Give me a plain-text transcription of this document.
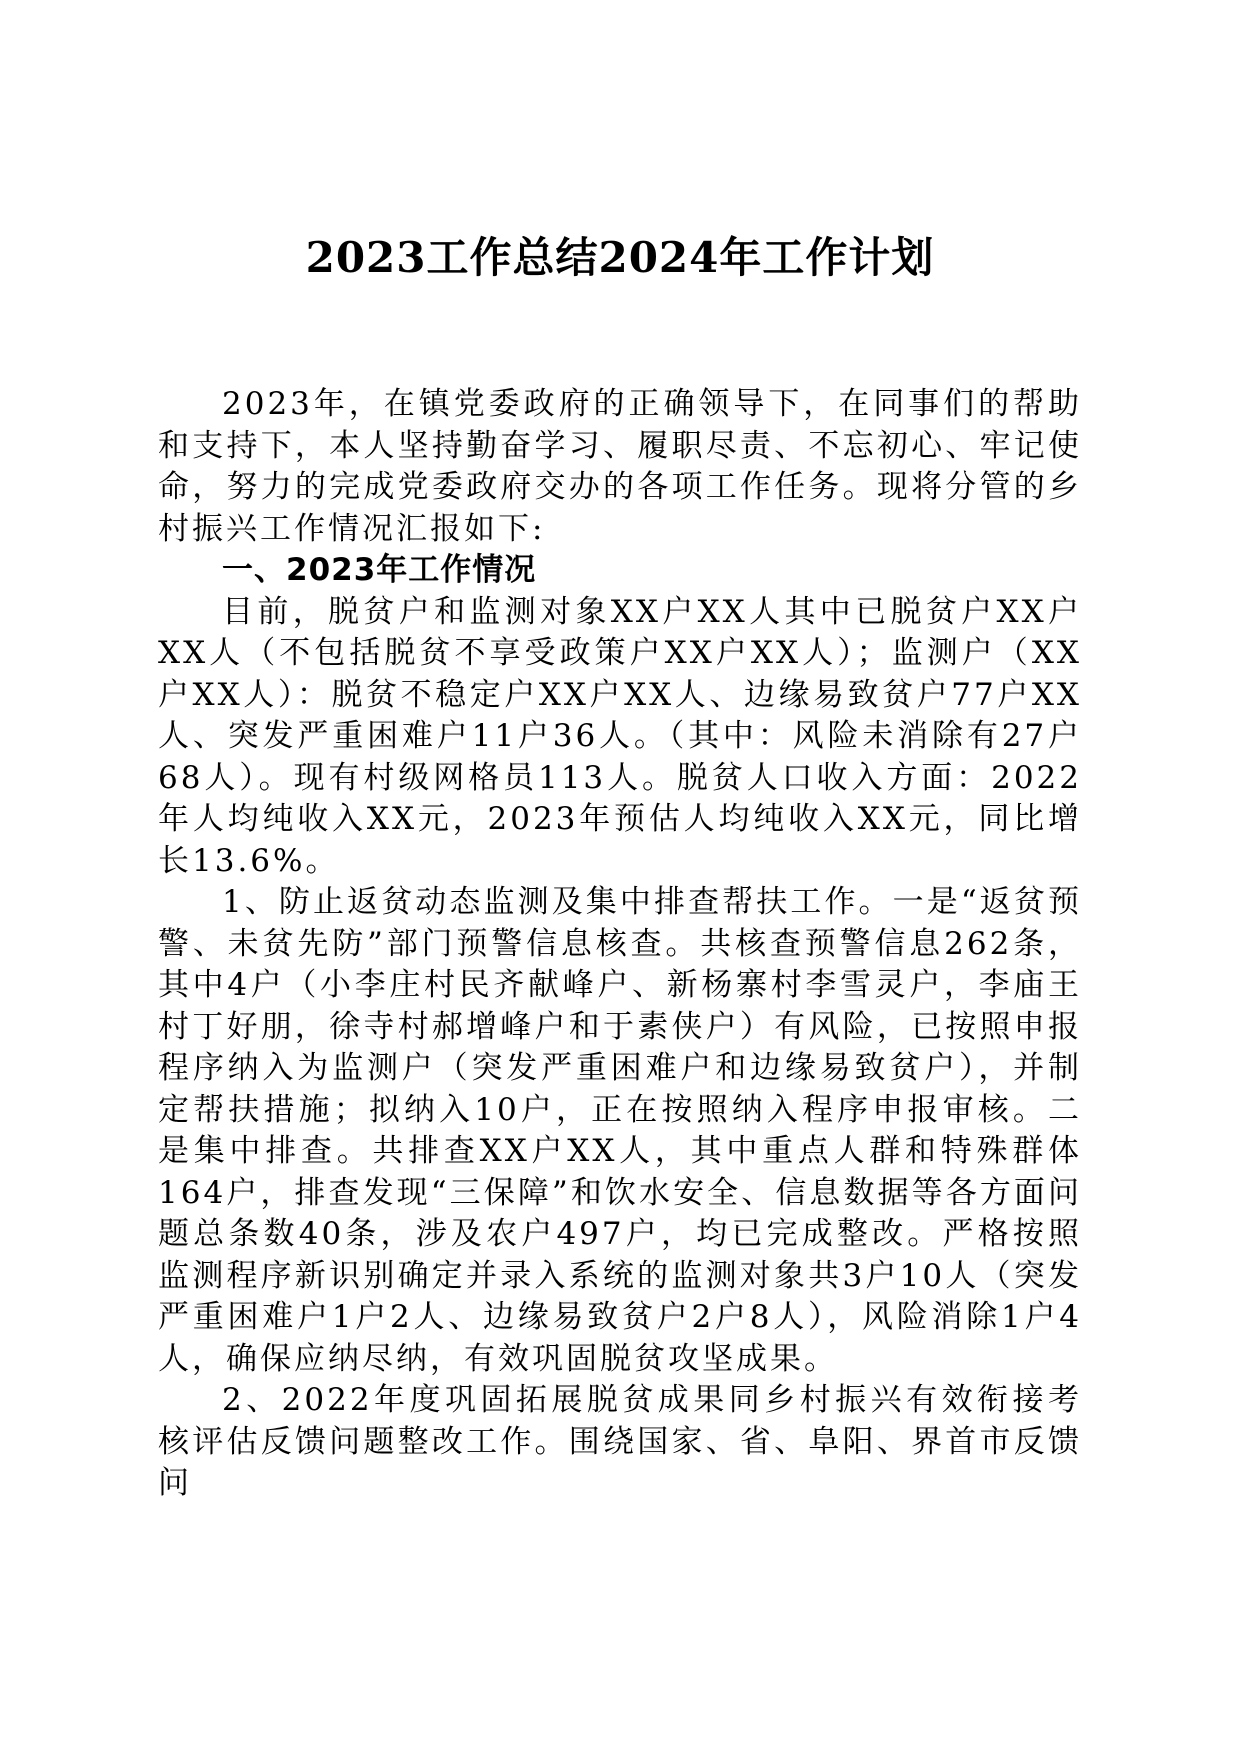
2023工作总结2024年工作计划

2023年，在镇党委政府的正确领导下，在同事们的帮助和支持下，本人坚持勤奋学习、履职尽责、不忘初心、牢记使命，努力的完成党委政府交办的各项工作任务。现将分管的乡村振兴工作情况汇报如下:

一、2023年工作情况

目前，脱贫户和监测对象XX户XX人其中已脱贫户XX户XX人（不包括脱贫不享受政策户XX户XX人）；监测户（XX户XX人）：脱贫不稳定户XX户XX人、边缘易致贫户77户XX人、突发严重困难户11户36人。（其中：风险未消除有27户68人）。现有村级网格员113人。脱贫人口收入方面：2022年人均纯收入XX元，2023年预估人均纯收入XX元，同比增长13.6%。

1、防止返贫动态监测及集中排查帮扶工作。一是“返贫预警、未贫先防”部门预警信息核查。共核查预警信息262条，其中4户（小李庄村民齐献峰户、新杨寨村李雪灵户，李庙王村丁好朋，徐寺村郝增峰户和于素侠户）有风险，已按照申报程序纳入为监测户（突发严重困难户和边缘易致贫户），并制定帮扶措施；拟纳入10户，正在按照纳入程序申报审核。二是集中排查。共排查XX户XX人，其中重点人群和特殊群体164户，排查发现“三保障”和饮水安全、信息数据等各方面问题总条数40条，涉及农户497户，均已完成整改。严格按照监测程序新识别确定并录入系统的监测对象共3户10人（突发严重困难户1户2人、边缘易致贫户2户8人），风险消除1户4人，确保应纳尽纳，有效巩固脱贫攻坚成果。

2、2022年度巩固拓展脱贫成果同乡村振兴有效衔接考核评估反馈问题整改工作。围绕国家、省、阜阳、界首市反馈问
